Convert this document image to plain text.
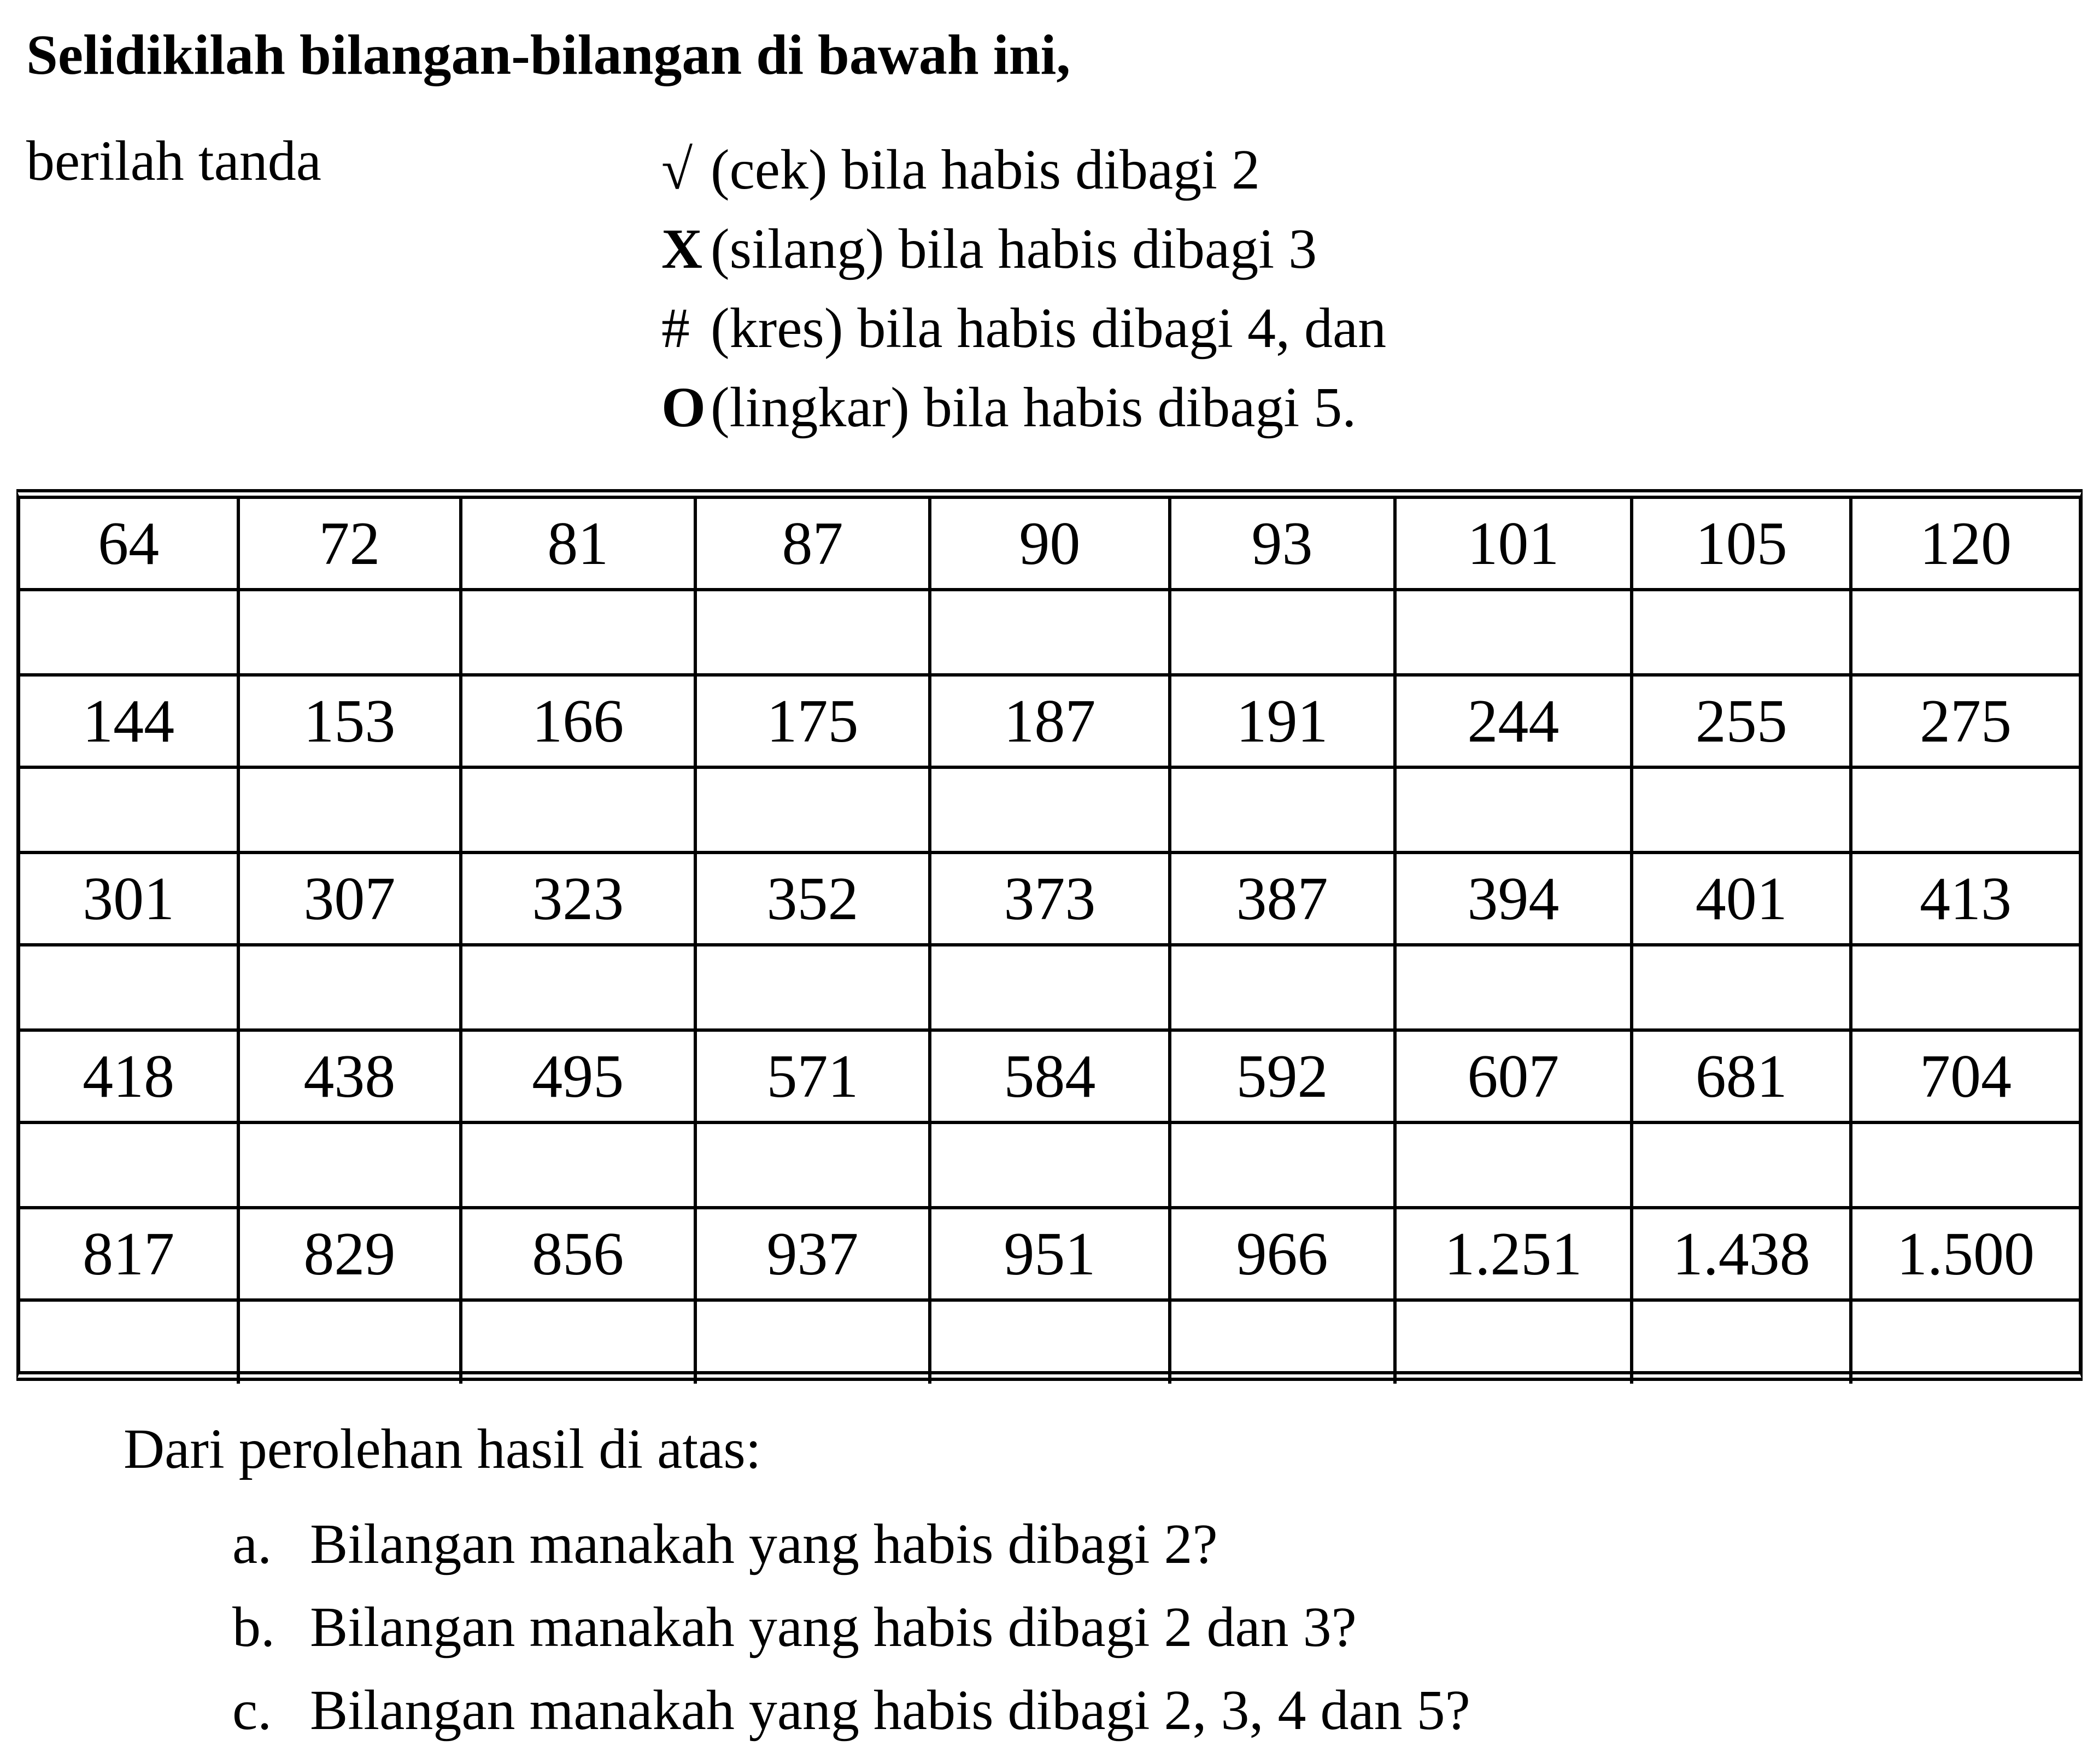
Selidikilah bilangan-bilangan di bawah ini,
berilah tanda	√ (cek) bila habis dibagi 2
X (silang) bila habis dibagi 3
# (kres) bila habis dibagi 4, dan
O(lingkar) bila habis dibagi 5.
64	72	81	87	90	93	101	105	120

144	153	166	175	187	191	244	255	275

301	307	323	352	373	387	394	401	413

418	438	495	571	584	592	607	681	704

817	829	856	937	951	966	1.251	1.438	1.500

Dari perolehan hasil di atas:
a. Bilangan manakah yang habis dibagi 2?
b. Bilangan manakah yang habis dibagi 2 dan 3?
c. Bilangan manakah yang habis dibagi 2, 3, 4 dan 5?
